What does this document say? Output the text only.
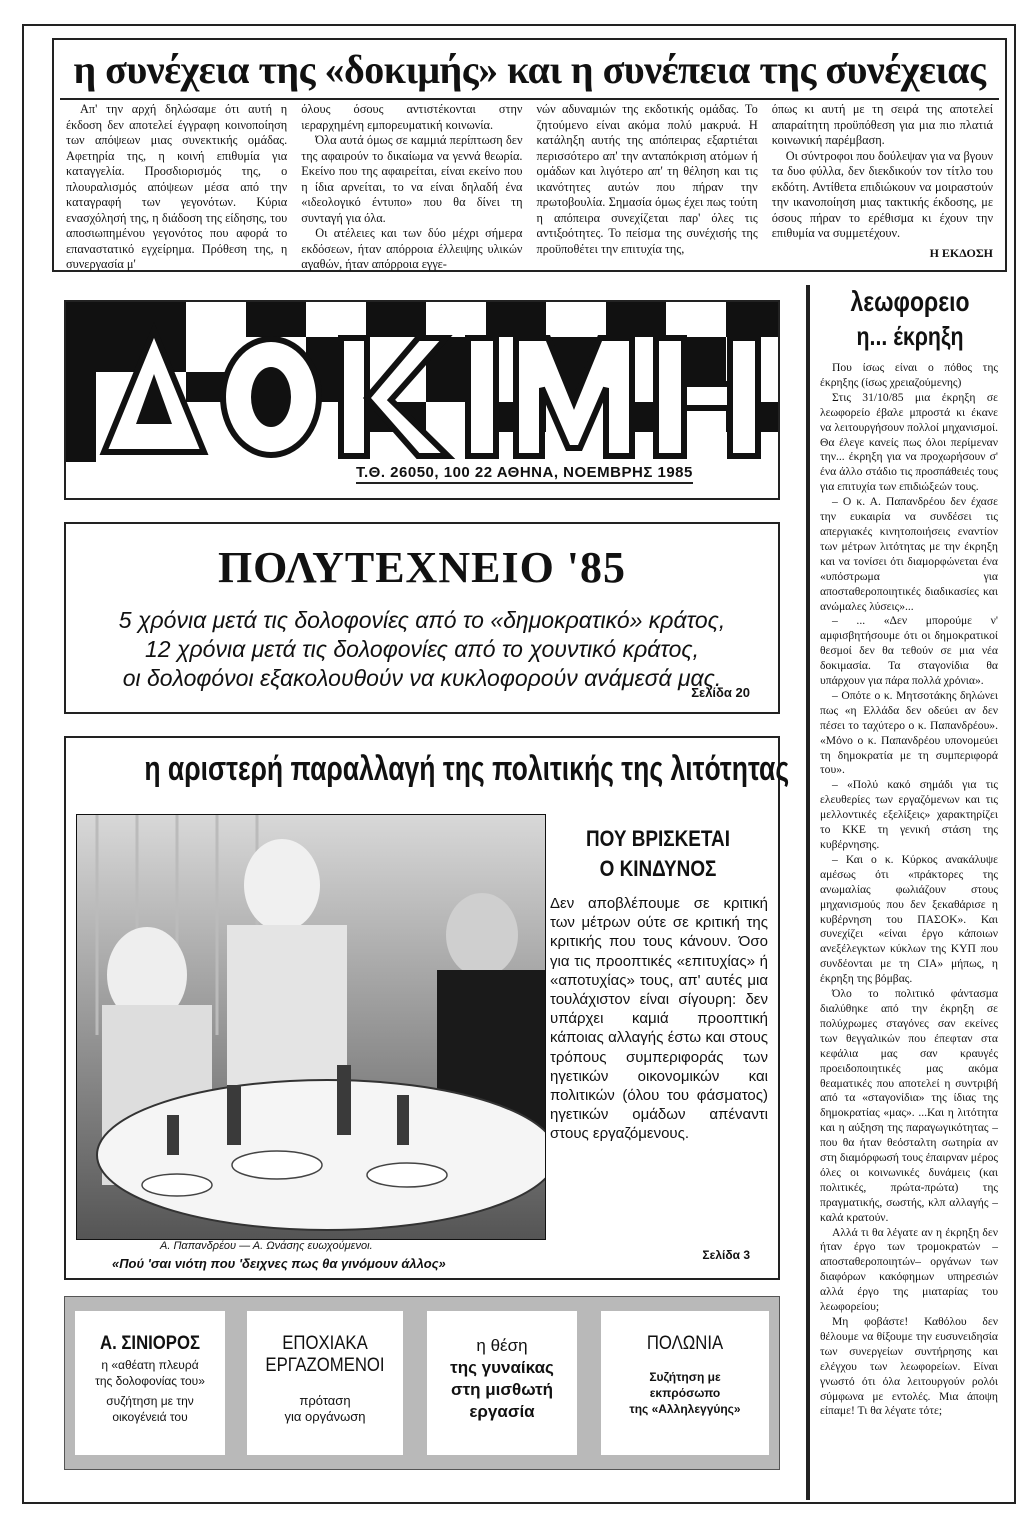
η συνέχεια της «δοκιμής» και η συνέπεια της συνέχειας

Απ' την αρχή δηλώσαμε ότι αυτή η έκδοση δεν αποτελεί έγγραφη κοινοποίηση των απόψεων μιας συνεκτικής ομάδας. Αφετηρία της, η κοινή επιθυμία για καταγγελία. Προσδιορισμός της, ο πλουραλισμός απόψεων μέσα από την καταγραφή των γεγονότων. Κύρια ενασχόλησή της, η διάδοση της είδησης, του αποσιωπημένου γεγονότος που αφορά το επαναστατικό εγχείρημα. Πρόθεση της, η συνεργασία μ'

όλους όσους αντιστέκονται στην ιεραρχημένη εμπορευματική κοινωνία.

Όλα αυτά όμως σε καμμιά περίπτωση δεν της αφαιρούν το δικαίωμα να γεννά θεωρία. Εκείνο που της αφαιρείται, είναι εκείνο που η ίδια αρνείται, το να είναι δηλαδή ένα «ιδεολογικό έντυπο» που θα δίνει τη συνταγή για όλα.

Οι ατέλειες και των δύο μέχρι σήμερα εκδόσεων, ήταν απόρροια έλλειψης υλικών αγαθών, ήταν απόρροια εγγε-

νών αδυναμιών της εκδοτικής ομάδας. Το ζητούμενο είναι ακόμα πολύ μακρυά. Η κατάληξη αυτής της απόπειρας εξαρτιέται περισσότερο απ' την ανταπόκριση ατόμων ή ομάδων και λιγότερο απ' τη θέληση και τις ικανότητες αυτών που πήραν την πρωτοβουλία. Σημασία όμως έχει πως τούτη η απόπειρα συνεχίζεται παρ' όλες τις αντιξοότητες. Το πείσμα της συνέχισής της προϋποθέτει την επιτυχία της,

όπως κι αυτή με τη σειρά της αποτελεί απαραίτητη προϋπόθεση για μια πιο πλατιά κοινωνική παρέμβαση.

Οι σύντροφοι που δούλεψαν για να βγουν τα δυο φύλλα, δεν διεκδικούν τον τίτλο του εκδότη. Αντίθετα επιδιώκουν να μοιραστούν την ικανοποίηση μιας τακτικής έκδοσης, με όσους πήραν το ερέθισμα κι έχουν την επιθυμία να συμμετέχουν.

Η ΕΚΔΟΣΗ
Τ.Θ. 26050, 100 22 ΑΘΗΝΑ, ΝΟΕΜΒΡΗΣ 1985
ΠΟΛΥΤΕΧΝΕΙΟ '85
5 χρόνια μετά τις δολοφονίες από το «δημοκρατικό» κράτος,
12 χρόνια μετά τις δολοφονίες από το χουντικό κράτος,
οι δολοφόνοι εξακολουθούν να κυκλοφορούν ανάμεσά μας.
Σελίδα 20
η αριστερή παραλλαγή της πολιτικής της λιτότητας
Α. Παπανδρέου — Α. Ωνάσης ευωχούμενοι.
«Πού 'σαι νιότη που 'δειχνες πως θα γινόμουν άλλος»
ΠΟΥ ΒΡΙΣΚΕΤΑΙ
Ο ΚΙΝΔΥΝΟΣ
Δεν αποβλέπουμε σε κριτική των μέτρων ούτε σε κριτική της κριτικής που τους κάνουν. Όσο για τις προοπτικές «επιτυχίας» ή «αποτυχίας» τους, απ' αυτές μια τουλάχιστον είναι σίγουρη: δεν υπάρχει καμιά προοπτική κάποιας αλλαγής έστω και στους τρόπους συμπεριφοράς των ηγετικών οικονομικών και πολιτικών (όλου του φάσματος) ηγετικών ομάδων απέναντι στους εργαζόμενους.
Σελίδα 3
Α. ΣΙΝΙΟΡΟΣ
η «αθέατη πλευρά
της δολοφονίας του»
συζήτηση με την
οικογένειά του
ΕΠΟΧΙΑΚΑ
ΕΡΓΑΖΟΜΕΝΟΙ
πρόταση
για οργάνωση
η θέση
της γυναίκας
στη μισθωτή
εργασία
ΠΟΛΩΝΙΑ
Συζήτηση με
εκπρόσωπο
της «Αλληλεγγύης»
λεωφορειο
η... έκρηξη

Που ίσως είναι ο πόθος της έκρηξης (ίσως χρειαζούμενης)

Στις 31/10/85 μια έκρηξη σε λεωφορείο έβαλε μπροστά κι έκανε να λειτουργήσουν πολλοί μηχανισμοί. Θα έλεγε κανείς πως όλοι περίμεναν την... έκρηξη για να προχωρήσουν σ' ένα άλλο στάδιο τις προσπάθειές τους για επιτυχία των επιδιώξεών τους.

– Ο κ. Α. Παπανδρέου δεν έχασε την ευκαιρία να συνδέσει τις απεργιακές κινητοποιήσεις εναντίον των μέτρων λιτότητας με την έκρηξη και να τονίσει ότι διαμορφώνεται ένα «υπόστρωμα για αποσταθεροποιητικές διαδικασίες και ανώμαλες λύσεις»...

– ... «Δεν μπορούμε ν' αμφισβητήσουμε ότι οι δημοκρατικοί θεσμοί δεν θα τεθούν σε μια νέα δοκιμασία. Τα σταγονίδια θα υπάρχουν για πάρα πολλά χρόνια».

– Οπότε ο κ. Μητσοτάκης δηλώνει πως «η Ελλάδα δεν οδεύει αν δεν πέσει το ταχύτερο ο κ. Παπανδρέου». «Μόνο ο κ. Παπανδρέου υπονομεύει τη δημοκρατία με τη συμπεριφορά του».

– «Πολύ κακό σημάδι για τις ελευθερίες των εργαζόμενων και τις μελλοντικές εξελίξεις» χαρακτηρίζει το ΚΚΕ τη γενική στάση της κυβέρνησης.

– Και ο κ. Κύρκος ανακάλυψε αμέσως ότι «πράκτορες της ανωμαλίας φωλιάζουν στους μηχανισμούς που δεν ξεκαθάρισε η κυβέρνηση του ΠΑΣΟΚ». Και συνεχίζει «είναι έργο κάποιων ανεξέλεγκτων κύκλων της ΚΥΠ που συνδέονται με τη CIA» μήπως, η έκρηξη της βόμβας.

Όλο το πολιτικό φάντασμα διαλύθηκε από την έκρηξη σε πολύχρωμες σταγόνες σαν εκείνες των θεγγαλικών που έπεφταν στα κεφάλια μας σαν κραυγές προειδοποιητικές μας ακόμα θεαματικές που αποτελεί η συντριβή από τα «σταγονίδια» της ίδιας της δημοκρατίας «μας». ...Και η λιτότητα και η αύξηση της παραγωγικότητας – που θα ήταν θεόσταλτη σωτηρία αν στη διαμόρφωσή τους έπαιρναν μέρος όλες οι κοινωνικές δυνάμεις (και πολιτικές, πρώτα-πρώτα) της πραγματικής, σωστής, κλπ αλλαγής – καλά κρατούν.

Αλλά τι θα λέγατε αν η έκρηξη δεν ήταν έργο των τρομοκρατών –αποσταθεροποιητών– οργάνων των διαφόρων κακόφημων υπηρεσιών αλλά έργο της μιαταρίας του λεωφορείου;

Μη φοβάστε! Καθόλου δεν θέλουμε να θίξουμε την ευσυνειδησία των συνεργείων συντήρησης και ελέγχου των λεωφορείων. Είναι γνωστό ότι όλα λειτουργούν ρολόι σύμφωνα με εντολές. Μια άποψη είπαμε! Τι θα λέγατε τότε;
